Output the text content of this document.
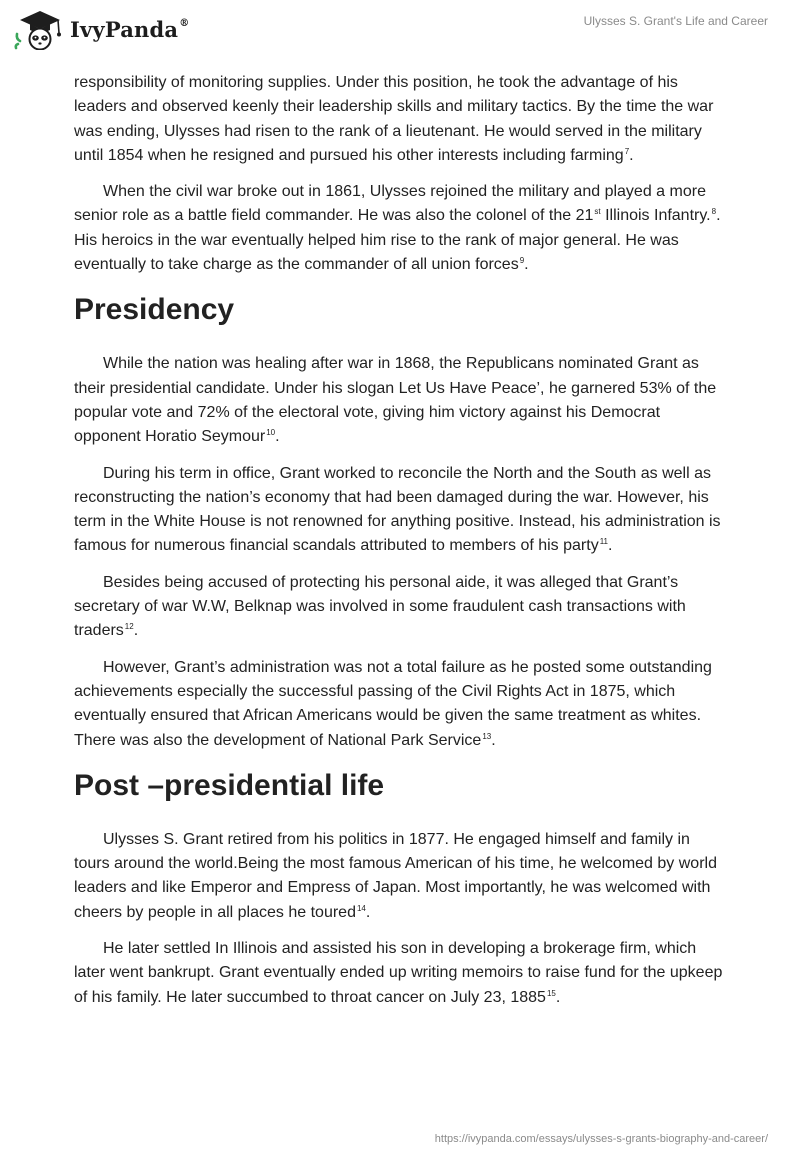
IvyPanda®	Ulysses S. Grant's Life and Career

responsibility of monitoring supplies. Under this position, he took the advantage of his leaders and observed keenly their leadership skills and military tactics. By the time the war was ending, Ulysses had risen to the rank of a lieutenant. He would served in the military until 1854 when he resigned and pursued his other interests including farming$^7$.

When the civil war broke out in 1861, Ulysses rejoined the military and played a more senior role as a battle field commander. He was also the colonel of the 21st Illinois Infantry.$^8$. His heroics in the war eventually helped him rise to the rank of major general. He was eventually to take charge as the commander of all union forces$^9$.

Presidency

While the nation was healing after war in 1868, the Republicans nominated Grant as their presidential candidate. Under his slogan Let Us Have Peace’, he garnered 53% of the popular vote and 72% of the electoral vote, giving him victory against his Democrat opponent Horatio Seymour$^{10}$.

During his term in office, Grant worked to reconcile the North and the South as well as reconstructing the nation’s economy that had been damaged during the war. However, his term in the White House is not renowned for anything positive. Instead, his administration is famous for numerous financial scandals attributed to members of his party$^{11}$.

Besides being accused of protecting his personal aide, it was alleged that Grant’s secretary of war W.W, Belknap was involved in some fraudulent cash transactions with traders$^{12}$.

However, Grant’s administration was not a total failure as he posted some outstanding achievements especially the successful passing of the Civil Rights Act in 1875, which eventually ensured that African Americans would be given the same treatment as whites. There was also the development of National Park Service$^{13}$.

Post –presidential life

Ulysses S. Grant retired from his politics in 1877. He engaged himself and family in tours around the world.Being the most famous American of his time, he welcomed by world leaders and like Emperor and Empress of Japan. Most importantly, he was welcomed with cheers by people in all places he toured$^{14}$.

He later settled In Illinois and assisted his son in developing a brokerage firm, which later went bankrupt. Grant eventually ended up writing memoirs to raise fund for the upkeep of his family. He later succumbed to throat cancer on July 23, 1885$^{15}$.

https://ivypanda.com/essays/ulysses-s-grants-biography-and-career/
